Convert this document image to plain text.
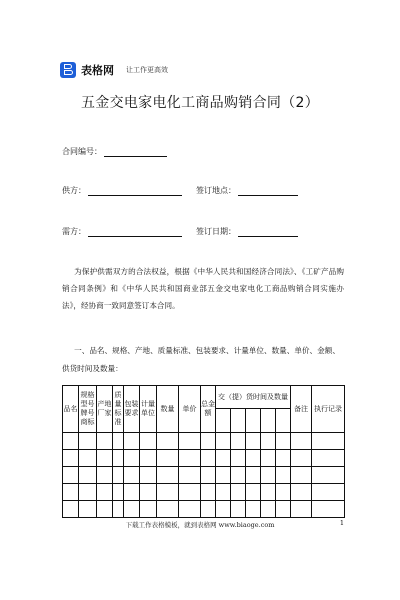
表格网 让工作更高效
五金交电家电化工商品购销合同（2）
合同编号：
供方：	签订地点：
需方：	签订日期：
为保护供需双方的合法权益，根据《中华人民共和国经济合同法》、《工矿产品购销合同条例》和《中华人民共和国商业部五金交电家电化工商品购销合同实施办法》，经协商一致同意签订本合同。
一、品名、规格、产地、质量标准、包装要求、计量单位、数量、单价、金额、供货时间及数量：
品名	规格型号牌号商标	产地厂家	质量标准	包装要求	计量单位	数量	单价	总金额	交（提）货时间及数量					备注	执行记录

下载工作表格模板，就到表格网 www.biaoge.com	1
